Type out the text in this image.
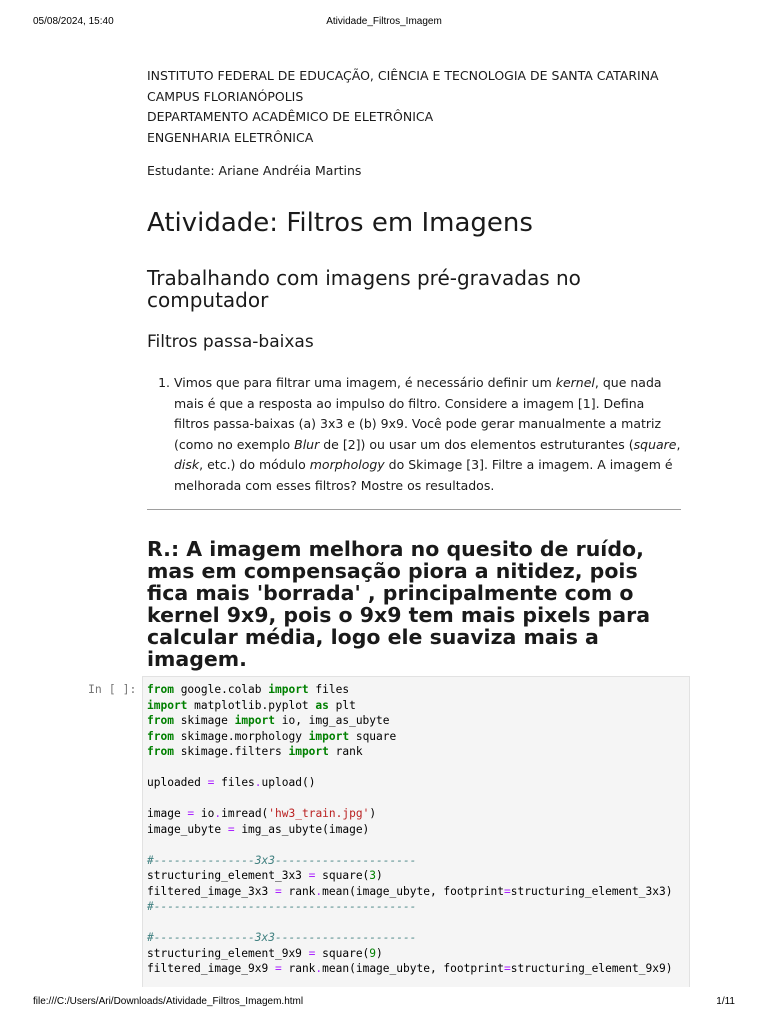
05/08/2024, 15:40	Atividade_Filtros_Imagem

INSTITUTO FEDERAL DE EDUCAÇÃO, CIÊNCIA E TECNOLOGIA DE SANTA CATARINA
CAMPUS FLORIANÓPOLIS
DEPARTAMENTO ACADÊMICO DE ELETRÔNICA
ENGENHARIA ELETRÔNICA

Estudante: Ariane Andréia Martins

Atividade: Filtros em Imagens
Trabalhando com imagens pré-gravadas no computador
Filtros passa-baixas
1. Vimos que para filtrar uma imagem, é necessário definir um kernel, que nada mais é que a resposta ao impulso do filtro. Considere a imagem [1]. Defina filtros passa-baixas (a) 3x3 e (b) 9x9. Você pode gerar manualmente a matriz (como no exemplo Blur de [2]) ou usar um dos elementos estruturantes (square, disk, etc.) do módulo morphology do Skimage [3]. Filtre a imagem. A imagem é melhorada com esses filtros? Mostre os resultados.
R.: A imagem melhora no quesito de ruído, mas em compensação piora a nitidez, pois fica mais 'borrada' , principalmente com o kernel 9x9, pois o 9x9 tem mais pixels para calcular média, logo ele suaviza mais a imagem.
In [ ]: from google.colab import files
import matplotlib.pyplot as plt
from skimage import io, img_as_ubyte
from skimage.morphology import square
from skimage.filters import rank

uploaded = files.upload()

image = io.imread('hw3_train.jpg')
image_ubyte = img_as_ubyte(image)

#---------------3x3---------------------
structuring_element_3x3 = square(3)
filtered_image_3x3 = rank.mean(image_ubyte, footprint=structuring_element_3x3)
#---------------------------------------

#---------------3x3---------------------
structuring_element_9x9 = square(9)
filtered_image_9x9 = rank.mean(image_ubyte, footprint=structuring_element_9x9)
file:///C:/Users/Ari/Downloads/Atividade_Filtros_Imagem.html	1/11
